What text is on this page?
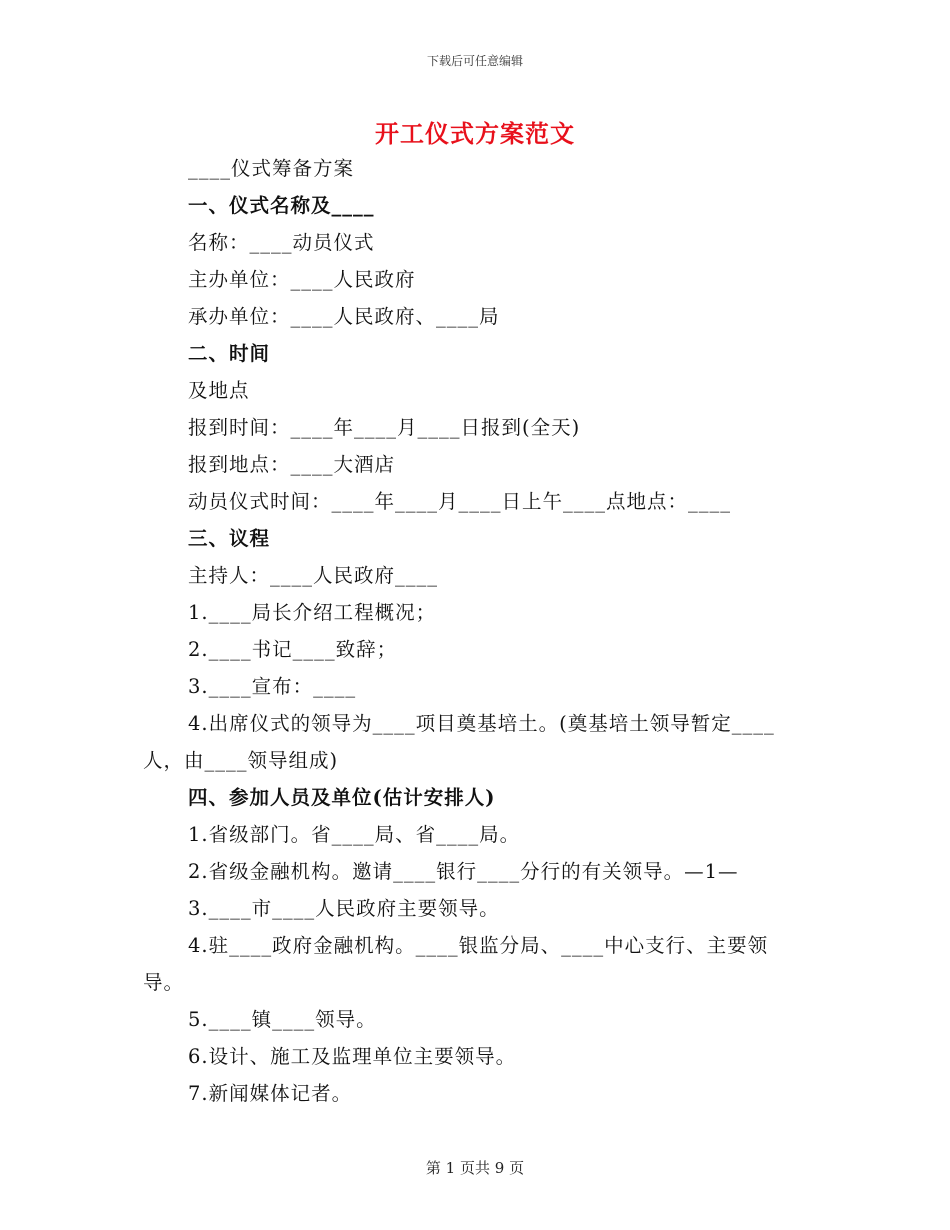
下载后可任意编辑
开工仪式方案范文
____仪式筹备方案
一、仪式名称及____
名称：____动员仪式
主办单位：____人民政府
承办单位：____人民政府、____局
二、时间
及地点
报到时间：____年____月____日报到(全天)
报到地点：____大酒店
动员仪式时间：____年____月____日上午____点地点：____
三、议程
主持人：____人民政府____
1.____局长介绍工程概况；
2.____书记____致辞；
3.____宣布：____
4.出席仪式的领导为____项目奠基培土。(奠基培土领导暂定____
人，由____领导组成)
四、参加人员及单位(估计安排人)
1.省级部门。省____局、省____局。
2.省级金融机构。邀请____银行____分行的有关领导。—1—
3.____市____人民政府主要领导。
4.驻____政府金融机构。____银监分局、____中心支行、主要领
导。
5.____镇____领导。
6.设计、施工及监理单位主要领导。
7.新闻媒体记者。
第 1 页共 9 页
